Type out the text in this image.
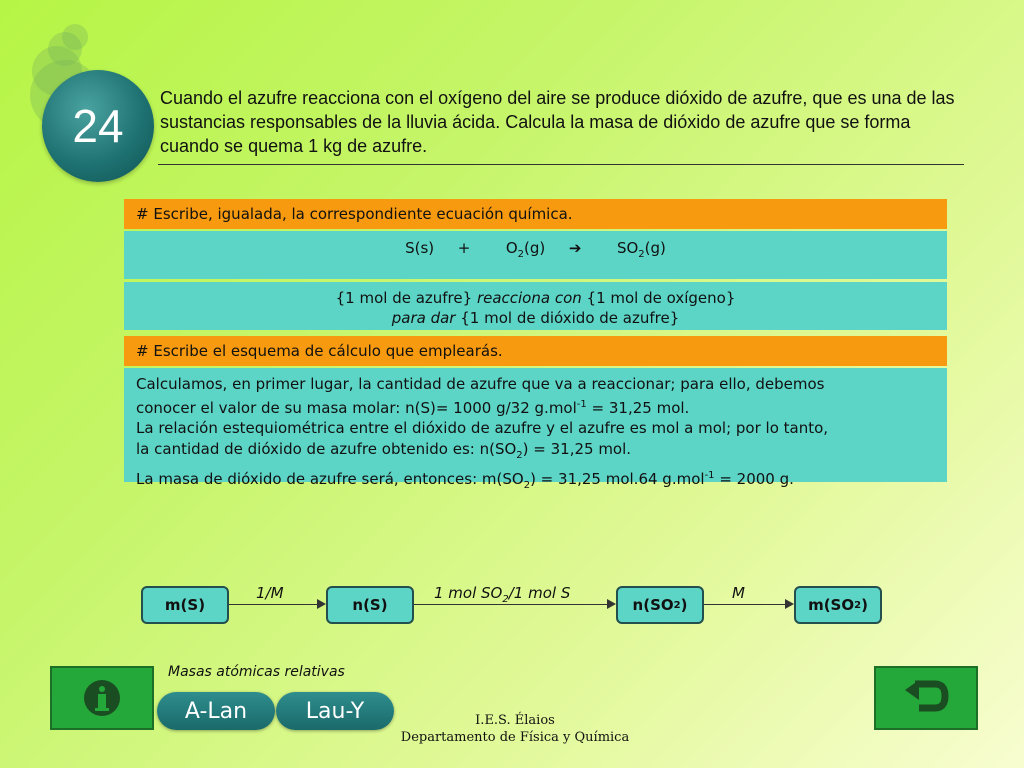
24
Cuando el azufre reacciona con el oxígeno del aire se produce dióxido de azufre, que es una de las sustancias responsables de la lluvia ácida. Calcula la masa de dióxido de azufre que se forma cuando se quema 1 kg de azufre.
# Escribe, igualada, la correspondiente ecuación química.
$S(s) + O_2(g)$ ➔ $SO_2(g)$
{1 mol de azufre} reacciona con {1 mol de oxígeno}
para dar {1 mol de dióxido de azufre}
# Escribe el esquema de cálculo que emplearás.
Calculamos, en primer lugar, la cantidad de azufre que va a reaccionar; para ello, debemos
conocer el valor de su masa molar: n(S)= 1000 g/32 g.mol$^{-1}$ = 31,25 mol.
La relación estequiométrica entre el dióxido de azufre y el azufre es mol a mol; por lo tanto,
la cantidad de dióxido de azufre obtenido es: $n(SO_2) = 31,25$ mol.
La masa de dióxido de azufre será, entonces: $m(SO_2) = 31,25$ mol.64 g.mol$^{-1}$ = 2000 g.
m(S)	n(S)	n(SO 2 )	m(SO 2 )
1/M	1 mol $SO_2/1$ mol S	M
Masas atómicas relativas
A-Lan	Lau-Y	I.E.S. Élaios
Departamento de Física y Química
